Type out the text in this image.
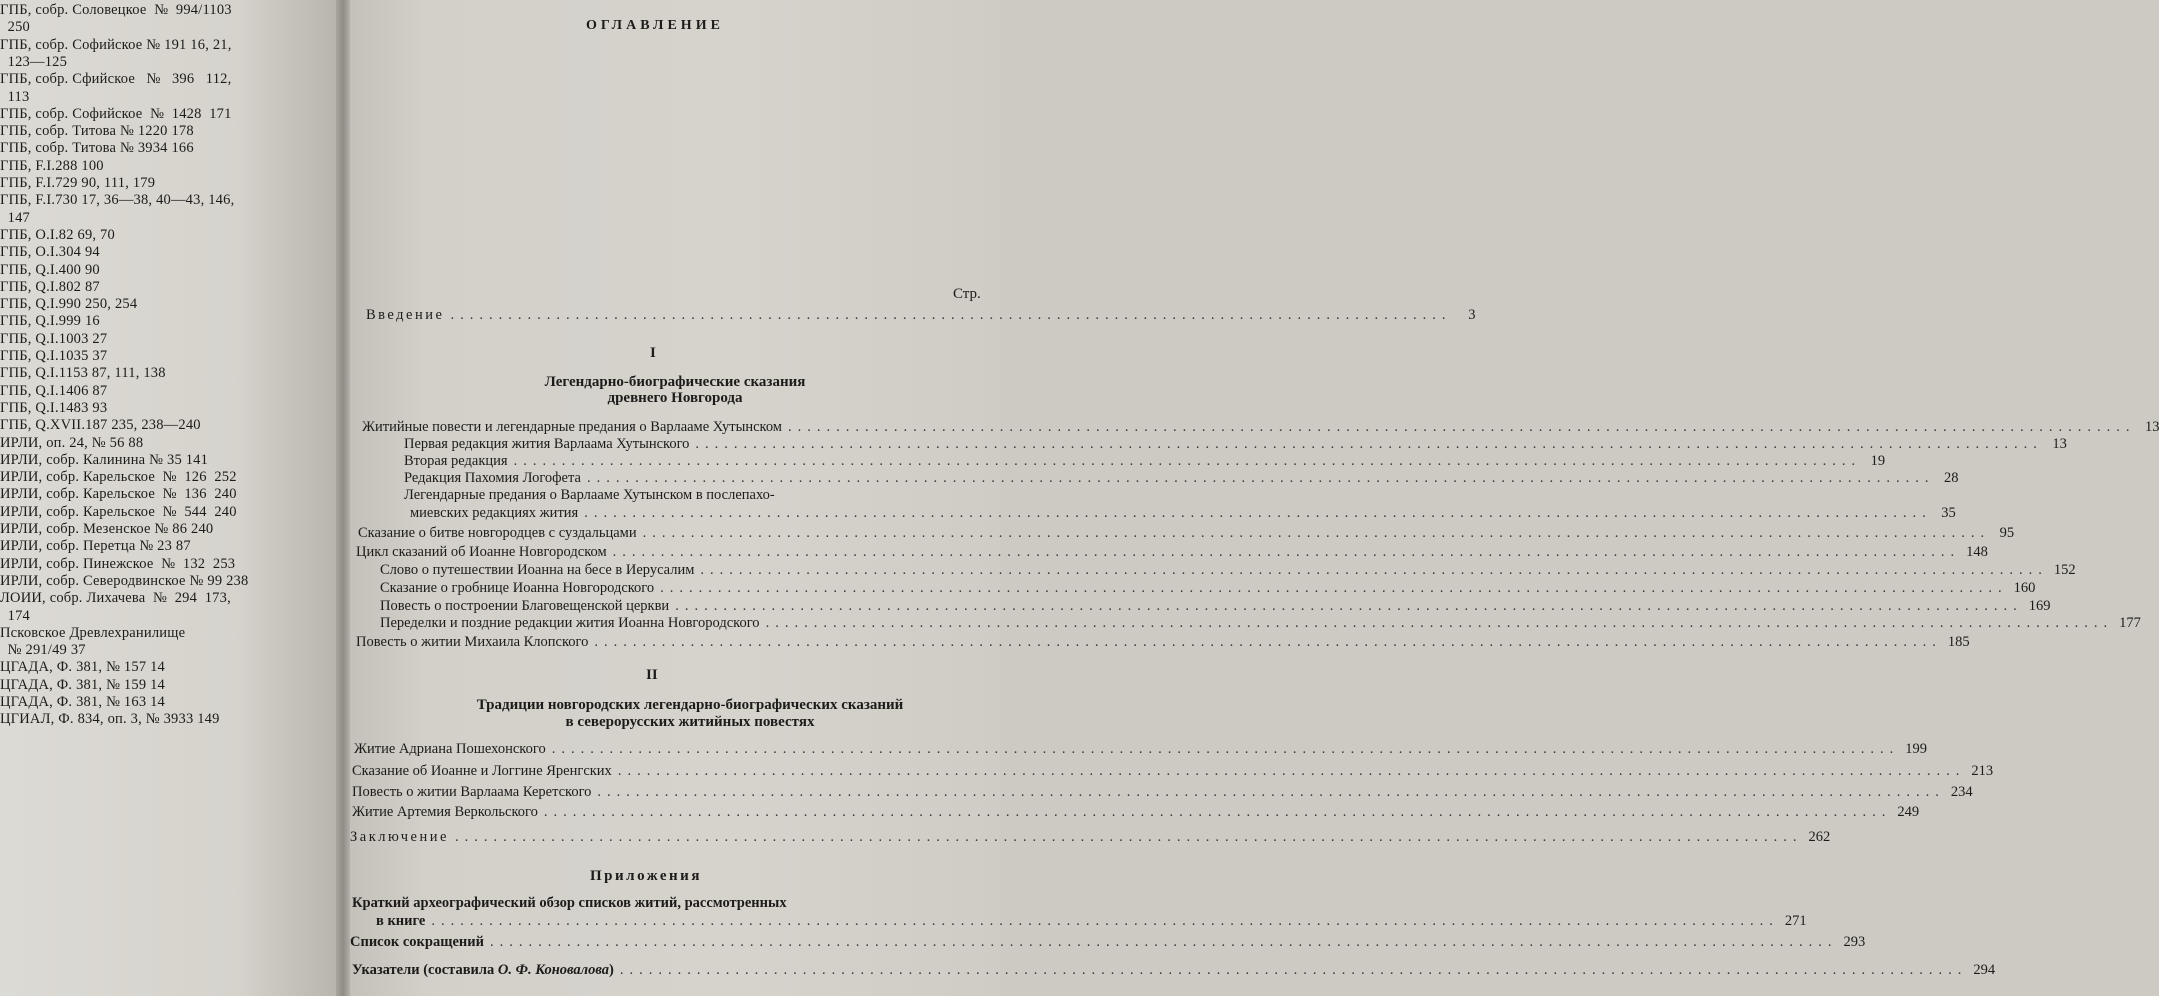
ГПБ, собр. Соловецкое  №  994/1103
250
ГПБ, собр. Софийское № 191 16, 21,
123—125
ГПБ, собр. Сфийское   №   396   112,
113
ГПБ, собр. Софийское  №  1428  171
ГПБ, собр. Титова № 1220 178
ГПБ, собр. Титова № 3934 166
ГПБ, F.I.288 100
ГПБ, F.I.729 90, 111, 179
ГПБ, F.I.730 17, 36—38, 40—43, 146,
147
ГПБ, O.I.82 69, 70
ГПБ, O.I.304 94
ГПБ, Q.I.400 90
ГПБ, Q.I.802 87
ГПБ, Q.I.990 250, 254
ГПБ, Q.I.999 16
ГПБ, Q.I.1003 27
ГПБ, Q.I.1035 37
ГПБ, Q.I.1153 87, 111, 138
ГПБ, Q.I.1406 87
ГПБ, Q.I.1483 93
ГПБ, Q.XVII.187 235, 238—240
ИРЛИ, оп. 24, № 56 88
ИРЛИ, собр. Калинина № 35 141
ИРЛИ, собр. Карельское  №  126  252
ИРЛИ, собр. Карельское  №  136  240
ИРЛИ, собр. Карельское  №  544  240
ИРЛИ, собр. Мезенское № 86 240
ИРЛИ, собр. Перетца № 23 87
ИРЛИ, собр. Пинежское  №  132  253
ИРЛИ, собр. Северодвинское № 99 238
ЛОИИ, собр. Лихачева  №  294  173,
174
Псковское Древлехранилище
№ 291/49 37
ЦГАДА, Ф. 381, № 157 14
ЦГАДА, Ф. 381, № 159 14
ЦГАДА, Ф. 381, № 163 14
ЦГИАЛ, Ф. 834, оп. 3, № 3933 149
ОГЛАВЛЕНИЕ
Стр.
Введение ........................................................................................................	3
I
Легендарно-биографические сказания
древнего Новгорода
Житийные повести и легендарные предания о Варлааме Хутынском ............................................................................................................................................ 13
Первая редакция жития Варлаама Хутынского ............................................................................................................................................ 13
Вторая редакция ............................................................................................................................................ 19
Редакция Пахомия Логофета ............................................................................................................................................ 28
Легендарные предания о Варлааме Хутынском в послепахо-
миевских редакциях жития ............................................................................................................................................ 35
Сказание о битве новгородцев с суздальцами ............................................................................................................................................ 95
Цикл сказаний об Иоанне Новгородском ............................................................................................................................................ 148
Слово о путешествии Иоанна на бесе в Иерусалим ............................................................................................................................................ 152
Сказание о гробнице Иоанна Новгородского ............................................................................................................................................ 160
Повесть о построении Благовещенской церкви ............................................................................................................................................ 169
Переделки и поздние редакции жития Иоанна Новгородского ............................................................................................................................................ 177
Повесть о житии Михаила Клопского ............................................................................................................................................ 185
II
Традиции новгородских легендарно-биографических сказаний
в северорусских житийных повестях
Житие Адриана Пошехонского ............................................................................................................................................ 199
Сказание об Иоанне и Логгине Яренгских ............................................................................................................................................ 213
Повесть о житии Варлаама Керетского ............................................................................................................................................ 234
Житие Артемия Веркольского ............................................................................................................................................ 249
Заключение ............................................................................................................................................ 262
Приложения
Краткий археографический обзор списков житий, рассмотренных
в книге ............................................................................................................................................ 271
Список сокращений ............................................................................................................................................ 293
Указатели (составила О. Ф. Коновалова) ............................................................................................................................................ 294
